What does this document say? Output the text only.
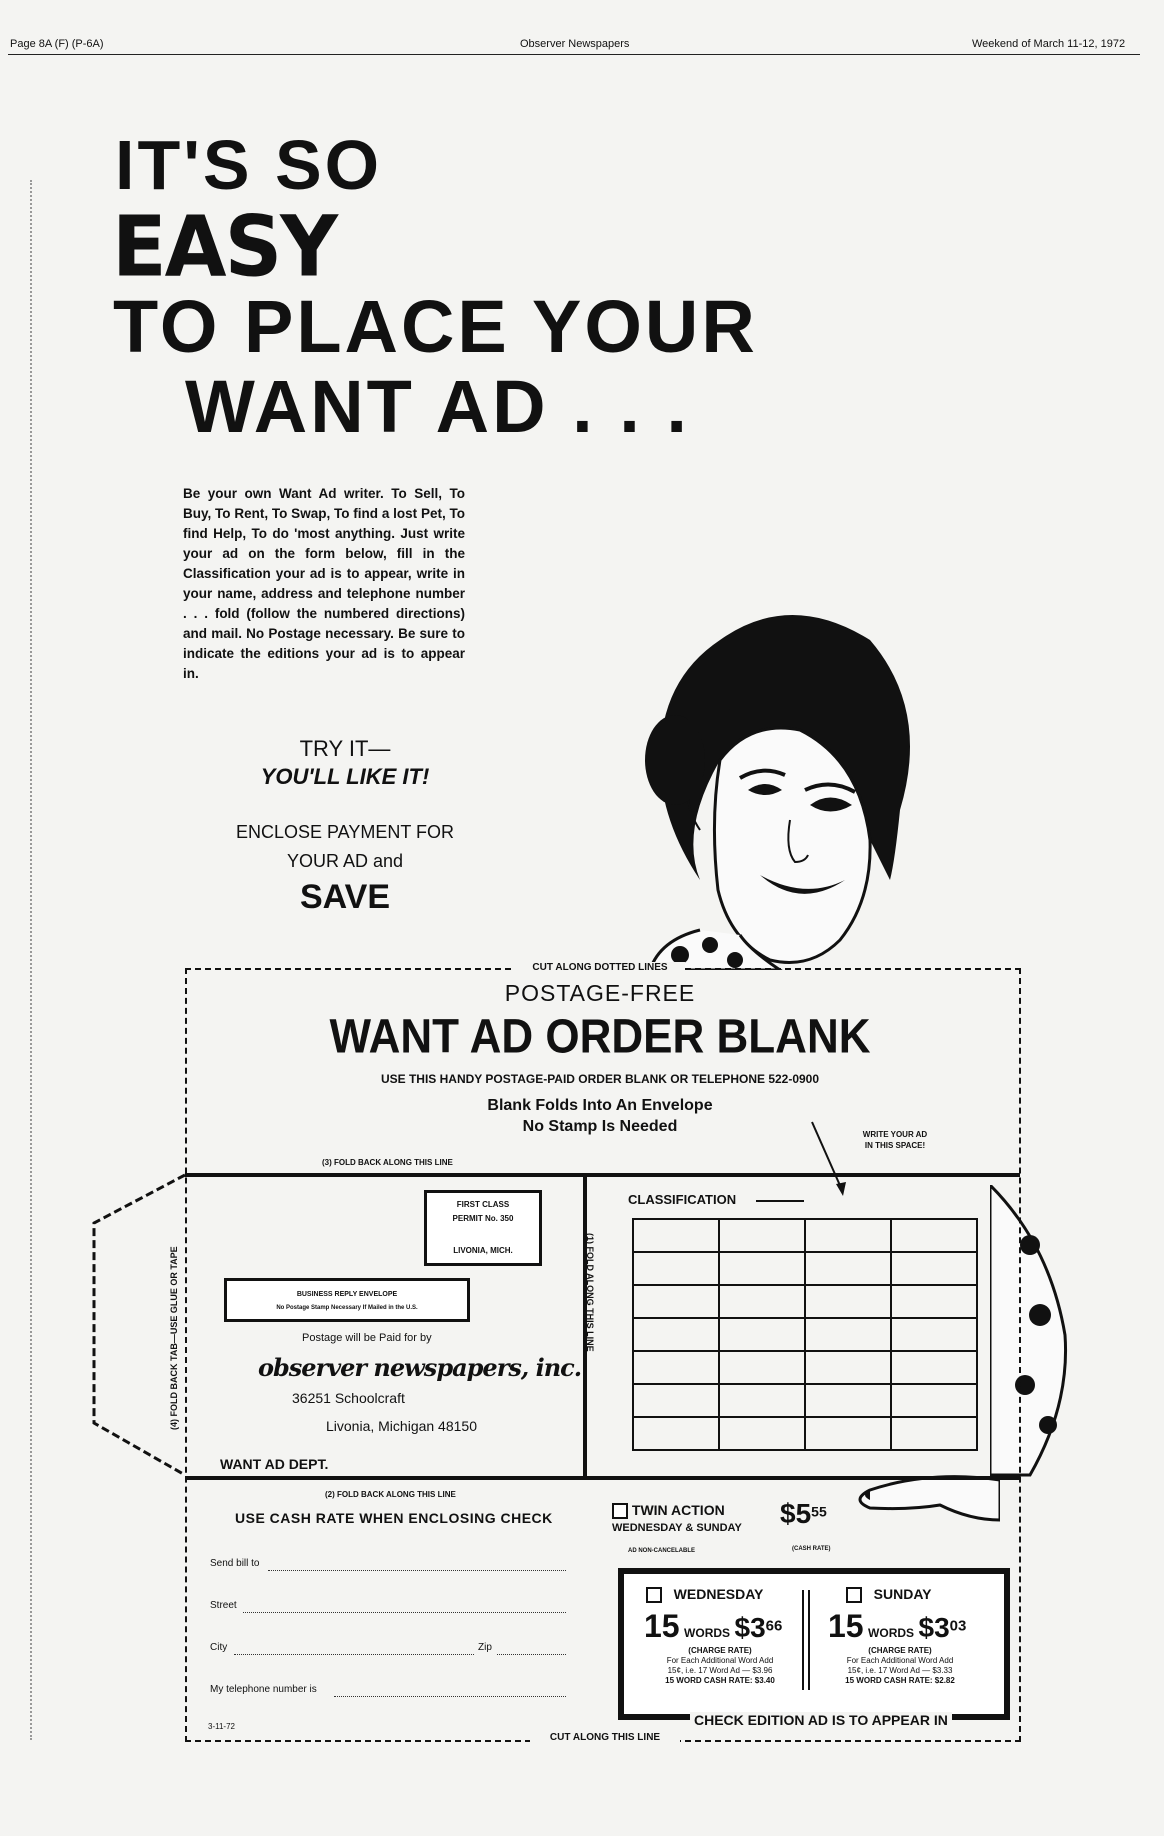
Page 8A (F) (P-6A)	Observer Newspapers	Weekend of March 11-12, 1972
IT'S SO
EASY
TO PLACE YOUR
WANT AD . . .
Be your own Want Ad writer. To Sell, To Buy, To Rent, To Swap, To find a lost Pet, To find Help, To do 'most anything. Just write your ad on the form below, fill in the Classification your ad is to appear, write in your name, address and telephone number . . . fold (follow the numbered directions) and mail. No Postage necessary. Be sure to indicate the editions your ad is to appear in.
TRY IT—
YOU'LL LIKE IT!
ENCLOSE PAYMENT FOR
YOUR AD and
SAVE
CUT ALONG DOTTED LINES
POSTAGE-FREE
WANT AD ORDER BLANK
USE THIS HANDY POSTAGE-PAID ORDER BLANK OR TELEPHONE 522-0900
Blank Folds Into An Envelope
No Stamp Is Needed	WRITE YOUR AD
IN THIS SPACE!
(3) FOLD BACK ALONG THIS LINE
(4) FOLD BACK TAB—USE GLUE OR TAPE
FIRST CLASS
PERMIT No. 350
LIVONIA, MICH.
BUSINESS REPLY ENVELOPE
No Postage Stamp Necessary If Mailed in the U.S.
Postage will be Paid for by
observer newspapers, inc.
36251 Schoolcraft
Livonia, Michigan 48150
WANT AD DEPT.
(1) FOLD ALONG THIS LINE
CLASSIFICATION

(2) FOLD BACK ALONG THIS LINE
USE CASH RATE WHEN ENCLOSING CHECK
Send bill to
Street
City	Zip
My telephone number is
3-11-72
TWIN ACTION
WEDNESDAY & SUNDAY
AD NON-CANCELABLE
$\$5^{55}$
(CASH RATE)
WEDNESDAY
15 WORDS $\$3^{66}$
(CHARGE RATE)
For Each Additional Word Add
15¢, i.e. 17 Word Ad — $3.96
15 WORD CASH RATE: $3.40
SUNDAY
15 WORDS $\$3^{03}$
(CHARGE RATE)
For Each Additional Word Add
15¢, i.e. 17 Word Ad — $3.33
15 WORD CASH RATE: $2.82
CHECK EDITION AD IS TO APPEAR IN
CUT ALONG THIS LINE
